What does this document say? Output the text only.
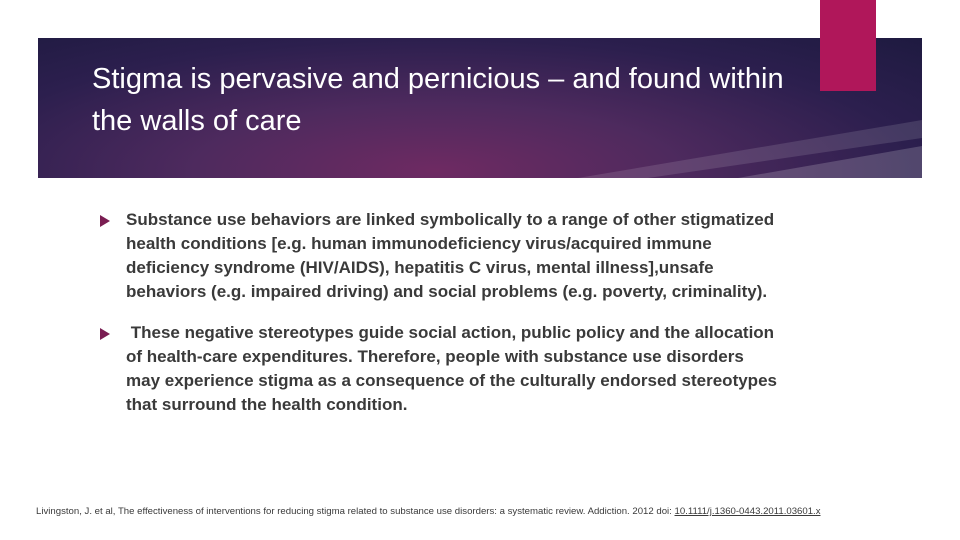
Stigma is pervasive and pernicious – and found within the walls of care
Substance use behaviors are linked symbolically to a range of other stigmatized health conditions [e.g. human immunodeficiency virus/acquired immune deficiency syndrome (HIV/AIDS), hepatitis C virus, mental illness],unsafe behaviors (e.g. impaired driving) and social problems (e.g. poverty, criminality).
These negative stereotypes guide social action, public policy and the allocation of health-care expenditures. Therefore, people with substance use disorders may experience stigma as a consequence of the culturally endorsed stereotypes that surround the health condition.
Livingston, J. et al, The effectiveness of interventions for reducing stigma related to substance use disorders: a systematic review. Addiction. 2012 doi: 10.1111/j.1360-0443.2011.03601.x
